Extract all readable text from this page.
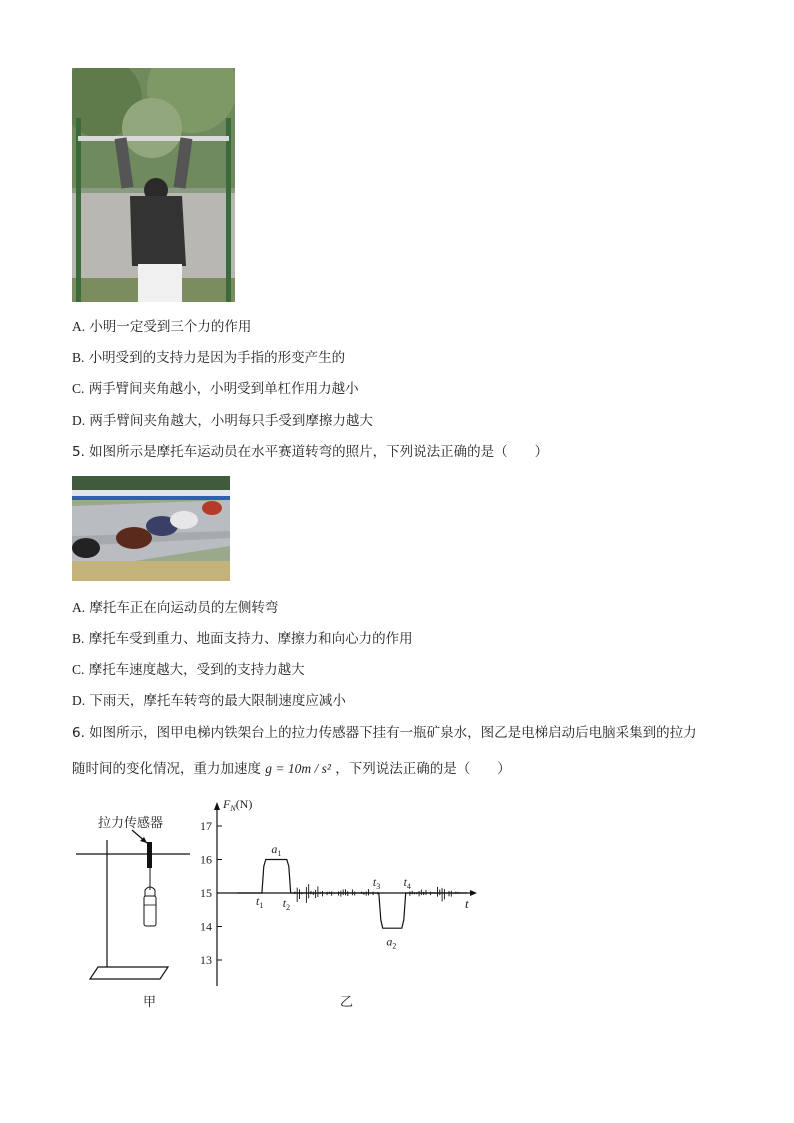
A. 小明一定受到三个力的作用
B. 小明受到的支持力是因为手指的形变产生的
C. 两手臂间夹角越小，小明受到单杠作用力越小
D. 两手臂间夹角越大，小明每只手受到摩擦力越大
5. 如图所示是摩托车运动员在水平赛道转弯的照片，下列说法正确的是（　　）
A. 摩托车正在向运动员的左侧转弯
B. 摩托车受到重力、地面支持力、摩擦力和向心力的作用
C. 摩托车速度越大，受到的支持力越大
D. 下雨天，摩托车转弯的最大限制速度应减小
6. 如图所示，图甲电梯内铁架台上的拉力传感器下挂有一瓶矿泉水，图乙是电梯启动后电脑采集到的拉力
随时间的变化情况，重力加速度 g = 10m / s² ，下列说法正确的是（　　）
拉力传感器
甲
$F_N(N)$
t
17
16
15
14
13
$t_1$ $t_2$
$t_3$ $t_4$
$a_1$
$a_2$
乙
